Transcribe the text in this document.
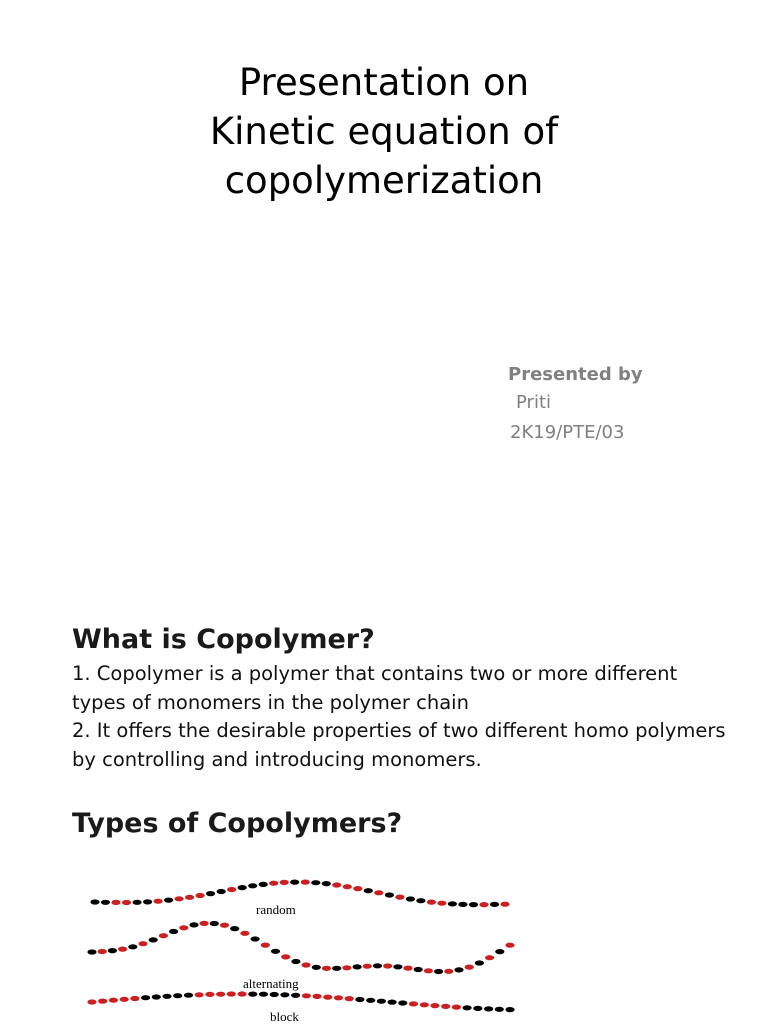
Presentation on
Kinetic equation of
copolymerization
Presented by
Priti
2K19/PTE/03
What is Copolymer?
1. Copolymer is a polymer that contains two or more different types of monomers in the polymer chain
2. It offers the desirable properties of two different homo polymers by controlling and introducing monomers.
Types of Copolymers?
random
alternating
block
